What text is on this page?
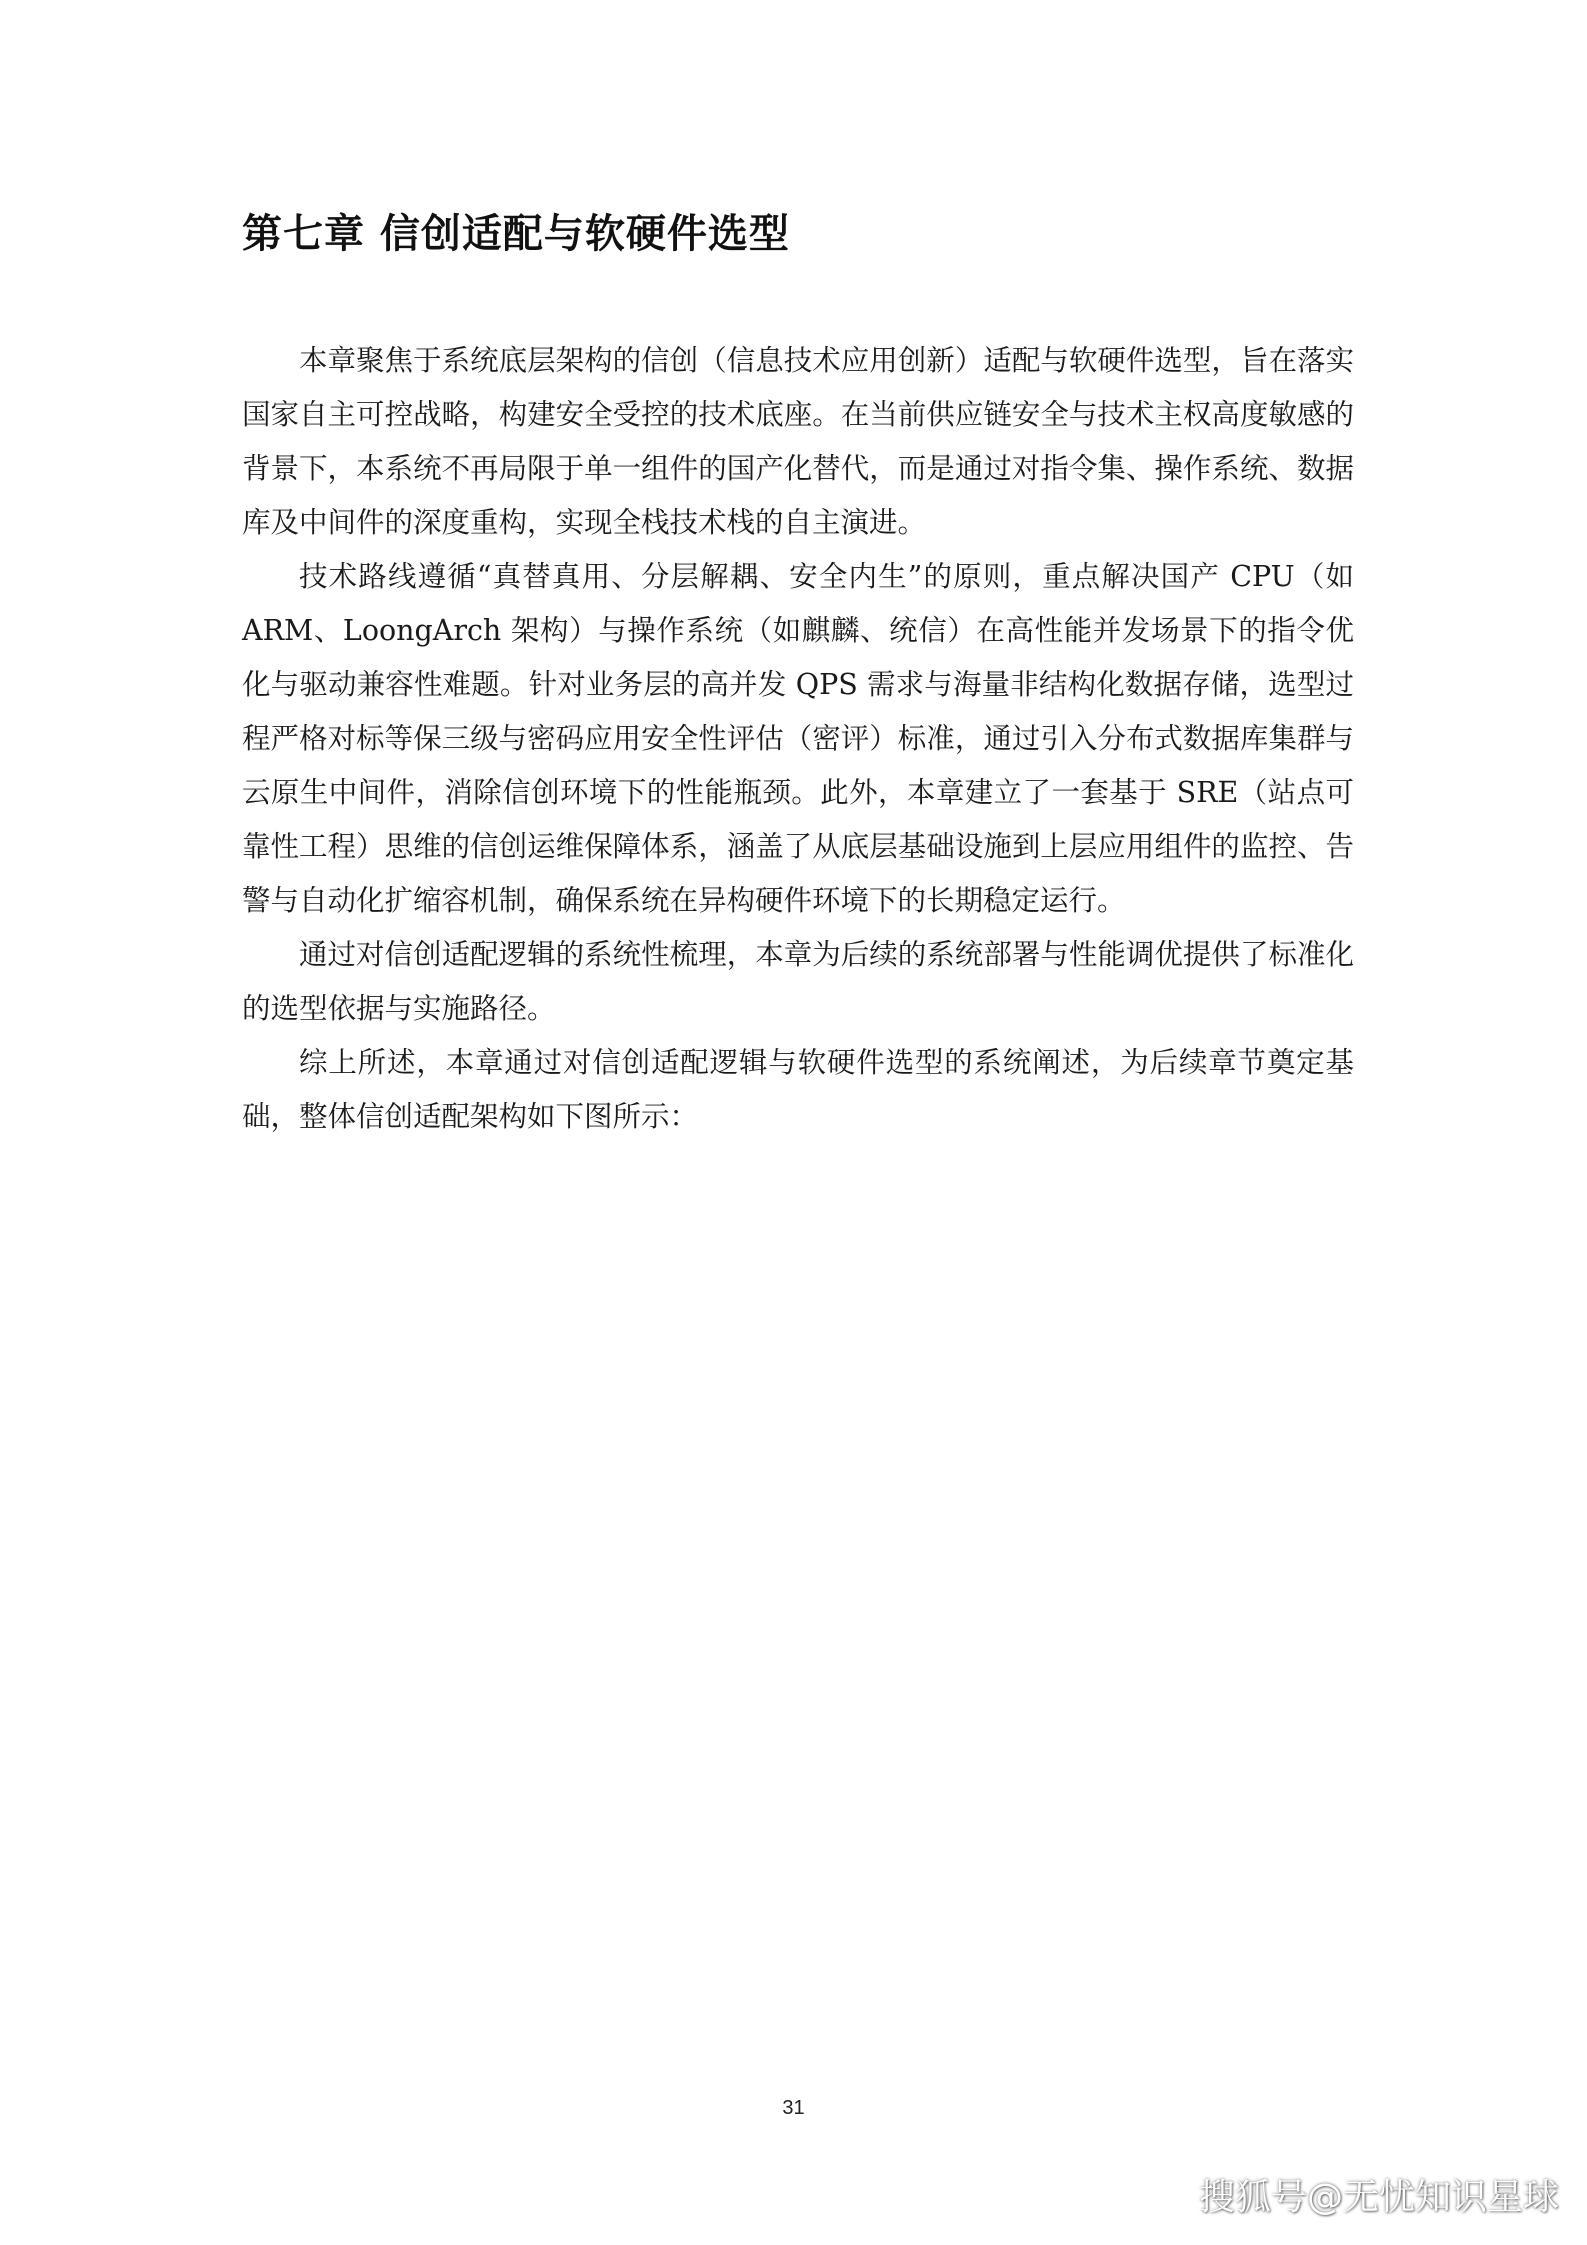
第七章 信创适配与软硬件选型

本章聚焦于系统底层架构的信创（信息技术应用创新）适配与软硬件选型，旨在落实国家自主可控战略，构建安全受控的技术底座。在当前供应链安全与技术主权高度敏感的背景下，本系统不再局限于单一组件的国产化替代，而是通过对指令集、操作系统、数据库及中间件的深度重构，实现全栈技术栈的自主演进。

技术路线遵循“真替真用、分层解耦、安全内生”的原则，重点解决国产 CPU（如 ARM、LoongArch 架构）与操作系统（如麒麟、统信）在高性能并发场景下的指令优化与驱动兼容性难题。针对业务层的高并发 QPS 需求与海量非结构化数据存储，选型过程严格对标等保三级与密码应用安全性评估（密评）标准，通过引入分布式数据库集群与云原生中间件，消除信创环境下的性能瓶颈。此外，本章建立了一套基于 SRE（站点可靠性工程）思维的信创运维保障体系，涵盖了从底层基础设施到上层应用组件的监控、告警与自动化扩缩容机制，确保系统在异构硬件环境下的长期稳定运行。

通过对信创适配逻辑的系统性梳理，本章为后续的系统部署与性能调优提供了标准化的选型依据与实施路径。

综上所述，本章通过对信创适配逻辑与软硬件选型的系统阐述，为后续章节奠定基础，整体信创适配架构如下图所示：

31
搜狐号@无忧知识星球
